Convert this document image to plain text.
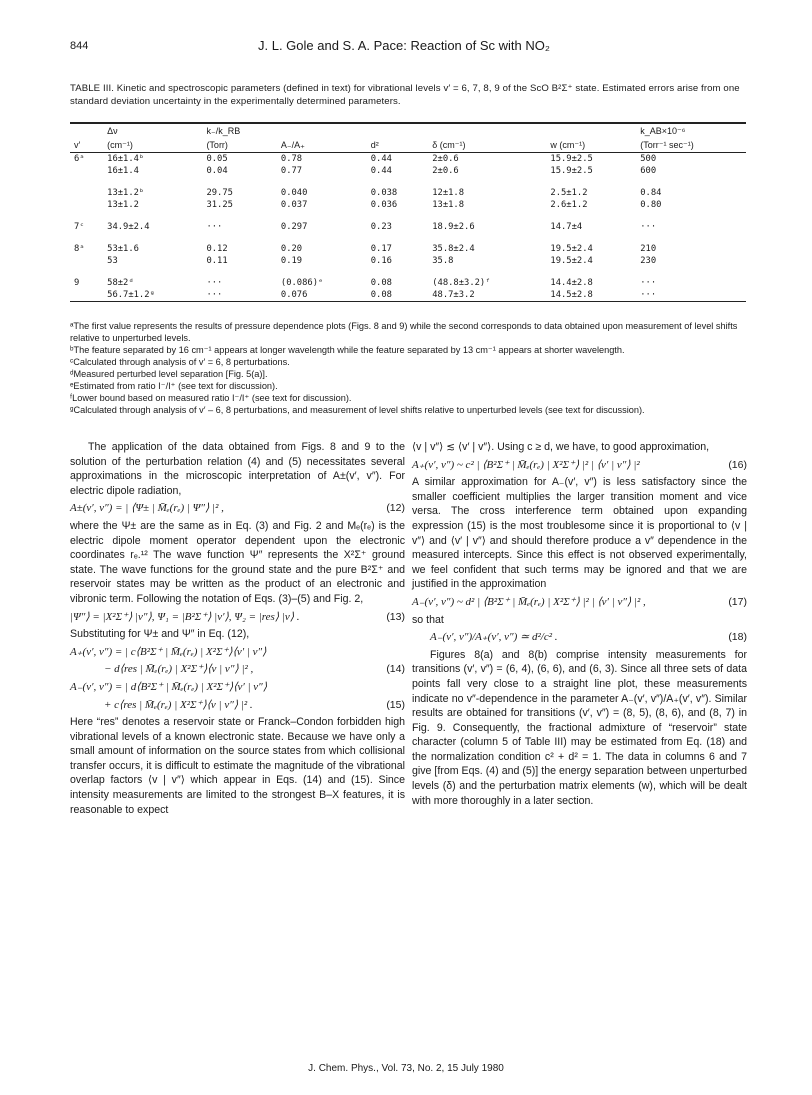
844	J. L. Gole and S. A. Pace: Reaction of Sc with NO₂
TABLE III. Kinetic and spectroscopic parameters (defined in text) for vibrational levels v′ = 6, 7, 8, 9 of the ScO B²Σ⁺ state. Estimated errors arise from one standard deviation uncertainty in the experimentally determined parameters.
	Δν	k₋/k_RB					k_AB×10⁻⁶
v′	(cm⁻¹)	(Torr)	A₋/A₊	d²	δ (cm⁻¹)	w (cm⁻¹)	(Torr⁻¹ sec⁻¹)
6ᵃ	16±1.4ᵇ	0.05	0.78	0.44	2±0.6	15.9±2.5	500
	16±1.4	0.04	0.77	0.44	2±0.6	15.9±2.5	600

	13±1.2ᵇ	29.75	0.040	0.038	12±1.8	2.5±1.2	0.84
	13±1.2	31.25	0.037	0.036	13±1.8	2.6±1.2	0.80

7ᶜ	34.9±2.4	···	0.297	0.23	18.9±2.6	14.7±4	···

8ᵃ	53±1.6	0.12	0.20	0.17	35.8±2.4	19.5±2.4	210
	53	0.11	0.19	0.16	35.8	19.5±2.4	230

9	58±2ᵈ	···	(0.086)ᵉ	0.08	(48.8±3.2)ᶠ	14.4±2.8	···
	56.7±1.2ᵍ	···	0.076	0.08	48.7±3.2	14.5±2.8	···

ᵃThe first value represents the results of pressure dependence plots (Figs. 8 and 9) while the second corresponds to data obtained upon measurement of level shifts relative to unperturbed levels.

ᵇThe feature separated by 16 cm⁻¹ appears at longer wavelength while the feature separated by 13 cm⁻¹ appears at shorter wavelength.

ᶜCalculated through analysis of v′ = 6, 8 perturbations.

ᵈMeasured perturbed level separation [Fig. 5(a)].

ᵉEstimated from ratio I⁻/I⁺ (see text for discussion).

ᶠLower bound based on measured ratio I⁻/I⁺ (see text for discussion).

ᵍCalculated through analysis of v′ – 6, 8 perturbations, and measurement of level shifts relative to unperturbed levels (see text for discussion).

The application of the data obtained from Figs. 8 and 9 to the solution of the perturbation relation (4) and (5) necessitates several approximations in the microscopic interpretation of A±(v′, v″). For electric dipole radiation,

A±(v′, v″) = | ⟨Ψ± | M̄ₑ(rₑ) | Ψ″⟩ |² ,	(12)

where the Ψ± are the same as in Eq. (3) and Fig. 2 and Mₑ(rₑ) is the electric dipole moment operator dependent upon the electronic coordinates rₑ.¹² The wave function Ψ″ represents the X²Σ⁺ ground state. The wave functions for the ground state and the pure B²Σ⁺ and reservoir states may be written as the product of an electronic and vibronic term. Following the notation of Eqs. (3)–(5) and Fig. 2,

|Ψ″⟩ = |X²Σ⁺⟩ |v″⟩, Ψ₁ = |B²Σ⁺⟩ |v′⟩, Ψ₂ = |res⟩ |v⟩ .	(13)

Substituting for Ψ± and Ψ″ in Eq. (12),

A₊(v′, v″) = | c⟨B²Σ⁺ | M̄ₑ(rₑ) | X²Σ⁺⟩⟨v′ | v″⟩
− d⟨res | M̄ₑ(rₑ) | X²Σ⁺⟩⟨v | v″⟩ |² ,	(14)
A₋(v′, v″) = | d⟨B²Σ⁺ | M̄ₑ(rₑ) | X²Σ⁺⟩⟨v′ | v″⟩
+ c⟨res | M̄ₑ(rₑ) | X²Σ⁺⟩⟨v | v″⟩ |² .	(15)

Here “res” denotes a reservoir state or Franck–Condon forbidden high vibrational levels of a known electronic state. Because we have only a small amount of information on the source states from which collisional transfer occurs, it is difficult to estimate the magnitude of the vibrational overlap factors ⟨v | v″⟩ which appear in Eqs. (14) and (15). Since intensity measurements are limited to the strongest B–X features, it is reasonable to expect

⟨v | v″⟩ ≲ ⟨v′ | v″⟩. Using c ≥ d, we have, to good approximation,

A₊(v′, v″) ~ c² | ⟨B²Σ⁺ | M̄ₑ(rₑ) | X²Σ⁺⟩ |² | ⟨v′ | v″⟩ |²	(16)

A similar approximation for A₋(v′, v″) is less satisfactory since the smaller coefficient multiplies the larger transition moment and vice versa. The cross interference term obtained upon expanding expression (15) is the most troublesome since it is proportional to ⟨v | v″⟩ and ⟨v′ | v″⟩ and should therefore produce a v″ dependence in the measured intercepts. Since this effect is not observed experimentally, we feel confident that such terms may be ignored and that we are justified in the approximation

A₋(v′, v″) ~ d² | ⟨B²Σ⁺ | M̄ₑ(rₑ) | X²Σ⁺⟩ |² | ⟨v′ | v″⟩ |² ,	(17)

so that

A₋(v′, v″)/A₊(v′, v″) ≃ d²/c² .	(18)

Figures 8(a) and 8(b) comprise intensity measurements for transitions (v′, v″) = (6, 4), (6, 6), and (6, 3). Since all three sets of data points fall very close to a straight line plot, these measurements indicate no v″-dependence in the parameter A₋(v′, v″)/A₊(v′, v″). Similar results are obtained for transitions (v′, v″) = (8, 5), (8, 6), and (8, 7) in Fig. 9. Consequently, the fractional admixture of “reservoir” state character (column 5 of Table III) may be estimated from Eq. (18) and the normalization condition c² + d² = 1. The data in columns 6 and 7 give [from Eqs. (4) and (5)] the energy separation between unperturbed levels (δ) and the perturbation matrix elements (w), which will be dealt with more thoroughly in a later section.

J. Chem. Phys., Vol. 73, No. 2, 15 July 1980
